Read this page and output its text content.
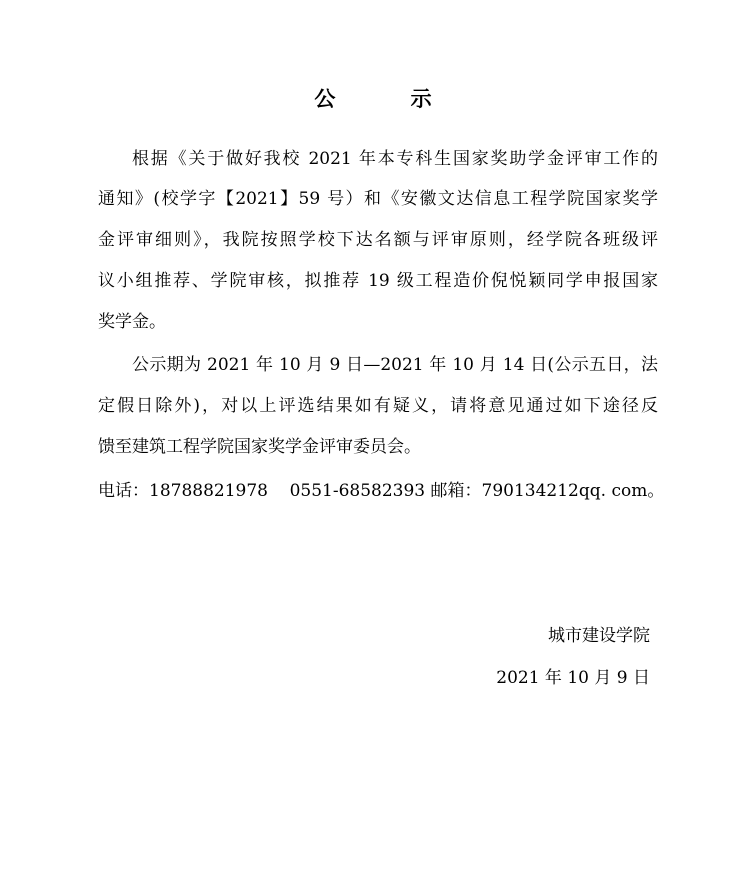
公 示
根据《关于做好我校 2021 年本专科生国家奖助学金评审工作的
通知》(校学字【2021】59 号）和《安徽文达信息工程学院国家奖学
金评审细则》，我院按照学校下达名额与评审原则，经学院各班级评
议小组推荐、学院审核，拟推荐 19 级工程造价倪悦颖同学申报国家
奖学金。
公示期为 2021 年 10 月 9 日—2021 年 10 月 14 日(公示五日，法
定假日除外)，对以上评选结果如有疑义，请将意见通过如下途径反
馈至建筑工程学院国家奖学金评审委员会。
电话：18788821978    0551-68582393 邮箱：790134212qq. com。
城市建设学院
2021 年 10 月 9 日
